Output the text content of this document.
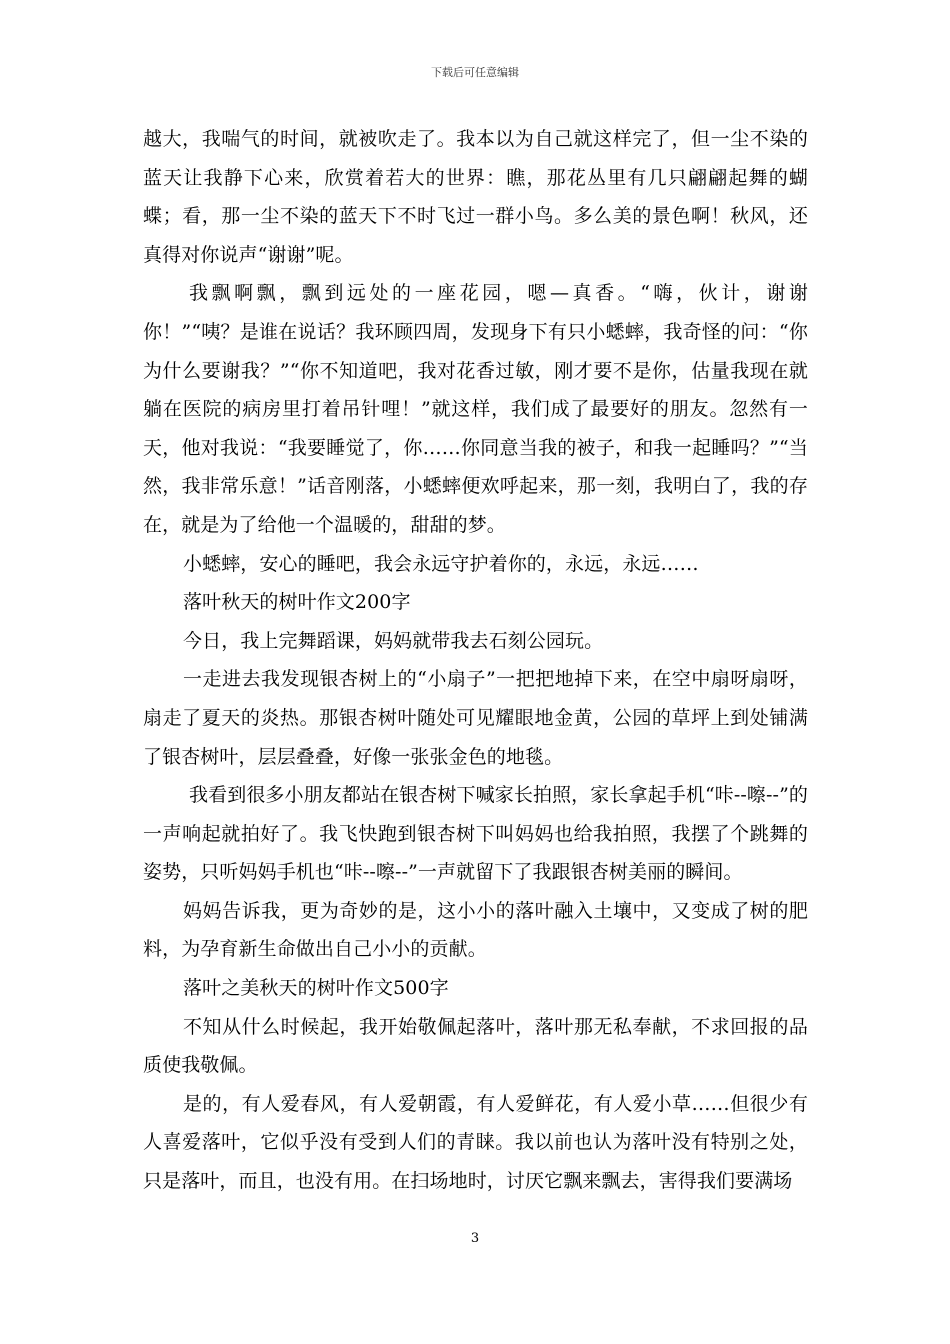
下载后可任意编辑

越大，我喘气的时间，就被吹走了。我本以为自己就这样完了，但一尘不染的蓝天让我静下心来，欣赏着若大的世界：瞧，那花丛里有几只翩翩起舞的蝴蝶；看，那一尘不染的蓝天下不时飞过一群小鸟。多么美的景色啊！秋风，还真得对你说声“谢谢”呢。

我飘啊飘，飘到远处的一座花园，嗯—真香。“嗨，伙计，谢谢你！”“咦？是谁在说话？我环顾四周，发现身下有只小蟋蟀，我奇怪的问：“你为什么要谢我？”“你不知道吧，我对花香过敏，刚才要不是你，估量我现在就躺在医院的病房里打着吊针哩！”就这样，我们成了最要好的朋友。忽然有一天，他对我说：“我要睡觉了，你……你同意当我的被子，和我一起睡吗？”“当然，我非常乐意！”话音刚落，小蟋蟀便欢呼起来，那一刻，我明白了，我的存在，就是为了给他一个温暖的，甜甜的梦。

小蟋蟀，安心的睡吧，我会永远守护着你的，永远，永远……

落叶秋天的树叶作文200字

今日，我上完舞蹈课，妈妈就带我去石刻公园玩。

一走进去我发现银杏树上的“小扇子”一把把地掉下来，在空中扇呀扇呀，扇走了夏天的炎热。那银杏树叶随处可见耀眼地金黄，公园的草坪上到处铺满了银杏树叶，层层叠叠，好像一张张金色的地毯。

我看到很多小朋友都站在银杏树下喊家长拍照，家长拿起手机“咔--嚓--”的一声响起就拍好了。我飞快跑到银杏树下叫妈妈也给我拍照，我摆了个跳舞的姿势，只听妈妈手机也“咔--嚓--”一声就留下了我跟银杏树美丽的瞬间。

妈妈告诉我，更为奇妙的是，这小小的落叶融入土壤中，又变成了树的肥料，为孕育新生命做出自己小小的贡献。

落叶之美秋天的树叶作文500字

不知从什么时候起，我开始敬佩起落叶，落叶那无私奉献，不求回报的品质使我敬佩。

是的，有人爱春风，有人爱朝霞，有人爱鲜花，有人爱小草……但很少有人喜爱落叶，它似乎没有受到人们的青睐。我以前也认为落叶没有特别之处，只是落叶，而且，也没有用。在扫场地时，讨厌它飘来飘去，害得我们要满场

3
